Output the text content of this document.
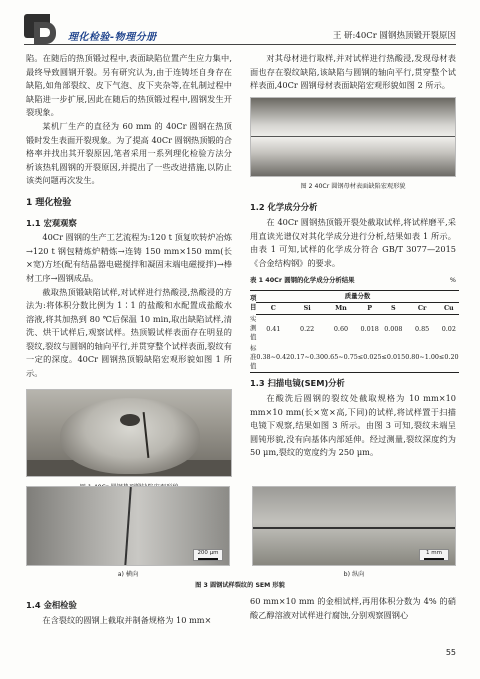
理化检验-物理分册	王 研:40Cr 圆钢热顶锻开裂原因

陷。在随后的热顶锻过程中,表面缺陷位置产生应力集中,最终导致圆钢开裂。另有研究认为,由于连铸坯自身存在缺陷,如角部裂纹、皮下气泡、皮下夹杂等,在轧制过程中缺陷进一步扩展,因此在随后的热顶锻过程中,圆钢发生开裂现象。

某机厂生产的直径为 60 mm 的 40Cr 圆钢在热顶锻时发生表面开裂现象。为了提高 40Cr 圆钢热顶锻的合格率并找出其开裂原因,笔者采用一系列理化检验方法分析该热轧圆钢的开裂原因,并提出了一些改进措施,以防止该类问题再次发生。

1 理化检验
1.1 宏观观察

40Cr 圆钢的生产工艺流程为:120 t 顶复吹转炉冶炼→120 t 钢包精炼炉精炼→连铸 150 mm×150 mm(长×宽)方坯(配有结晶器电磁搅拌和凝固末端电磁搅拌)→棒材工序→圆钢成品。

截取热顶锻缺陷试样,对试样进行热酸浸,热酸浸的方法为:将体积分数比例为 1∶1 的盐酸和水配置成盐酸水溶液,将其加热到 80 ℃后保温 10 min,取出缺陷试样,清洗、烘干试样后,观察试样。热顶锻试样表面存在明显的裂纹,裂纹与圆钢的轴向平行,并贯穿整个试样表面,裂纹有一定的深度。40Cr 圆钢热顶锻缺陷宏观形貌如图 1 所示。

对其母材进行取样,并对试样进行热酸浸,发现母材表面也存在裂纹缺陷,该缺陷与圆钢的轴向平行,贯穿整个试样表面,40Cr 圆钢母材表面缺陷宏观形貌如图 2 所示。

图 2 40Cr 圆钢母材表面缺陷宏观形貌
1.2 化学成分分析

在 40Cr 圆钢热顶锻开裂处截取试样,将试样磨平,采用直读光谱仪对其化学成分进行分析,结果如表 1 所示。由表 1 可知,试样的化学成分符合 GB/T 3077—2015《合金结构钢》的要求。

表 1 40Cr 圆钢的化学成分分析结果	%
项目	质量分数						
	C	Si	Mn	P	S	Cr	Cu
实测值	0.41	0.22	0.60	0.018	0.008	0.85	0.02
标准值	0.38~0.42	0.17~0.30	0.65~0.75	≤0.025	≤0.015	0.80~1.00	≤0.20
1.3 扫描电镜(SEM)分析

在酸洗后圆钢的裂纹处截取规格为 10 mm×10 mm×10 mm(长×宽×高,下同)的试样,将试样置于扫描电镜下观察,结果如图 3 所示。由图 3 可知,裂纹未端呈圆钝形貌,没有向基体内部延伸。经过测量,裂纹深度约为 50 μm,裂纹的宽度约为 250 μm。

200 μm	1 mm
a) 横向	b) 纵向
图 3 圆钢试样裂纹的 SEM 形貌
1.4 金相检验

在含裂纹的圆钢上截取并制备规格为 10 mm×

60 mm×10 mm 的金相试样,再用体积分数为 4% 的硝酸乙醇溶液对试样进行腐蚀,分别观察圆钢心

55
